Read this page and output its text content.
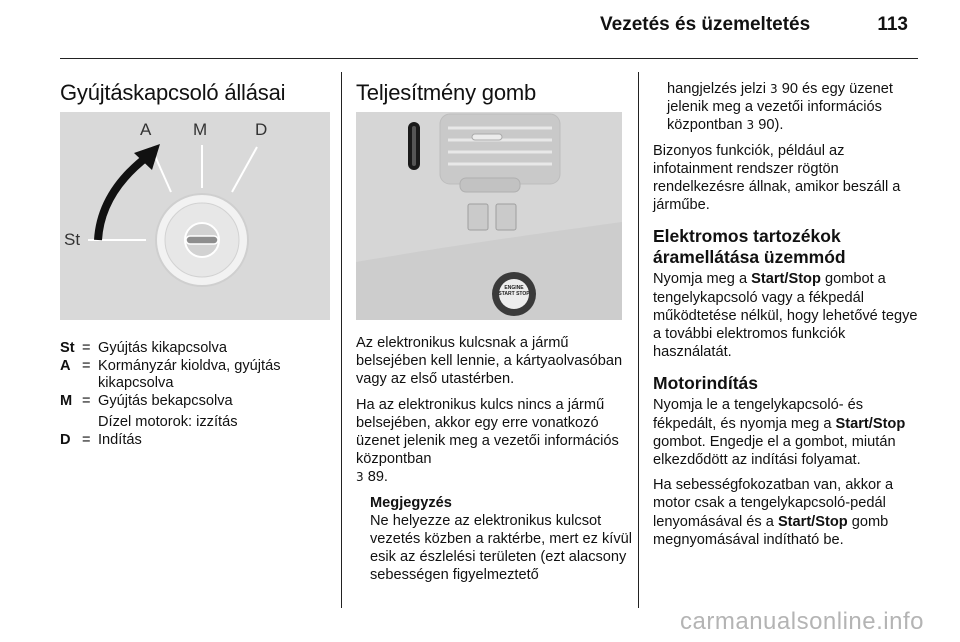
Vezetés és üzemeltetés	113
Gyújtáskapcsoló állásai
A M	D
St
St = Gyújtás kikapcsolva
A = Kormányzár kioldva, gyújtás kikapcsolva
M = Gyújtás bekapcsolva
Dízel motorok: izzítás
D = Indítás
Teljesítmény gomb
ENGINE
START STOP

Az elektronikus kulcsnak a jármű belsejében kell lennie, a kártyaolvasóban vagy az első utastérben.

Ha az elektronikus kulcs nincs a jármű belsejében, akkor egy erre vonatkozó üzenet jelenik meg a vezetői információs központban
3 89.

Megjegyzés
Ne helyezze az elektronikus kulcsot vezetés közben a raktérbe, mert ez kívül esik az észlelési területen (ezt alacsony sebességen figyelmeztető

hangjelzés jelzi 3 90 és egy üzenet jelenik meg a vezetői információs központban 3 90).

Bizonyos funkciók, például az infotainment rendszer rögtön rendelkezésre állnak, amikor beszáll a járműbe.

Elektromos tartozékok áramellátása üzemmód

Nyomja meg a Start/Stop gombot a tengelykapcsoló vagy a fékpedál működtetése nélkül, hogy lehetővé tegye a további elektromos funkciók használatát.

Motorindítás

Nyomja le a tengelykapcsoló- és fékpedált, és nyomja meg a Start/Stop gombot. Engedje el a gombot, miután elkezdődött az indítási folyamat.

Ha sebességfokozatban van, akkor a motor csak a tengelykapcsoló-pedál lenyomásával és a Start/Stop gomb megnyomásával indítható be.

carmanualsonline.info
